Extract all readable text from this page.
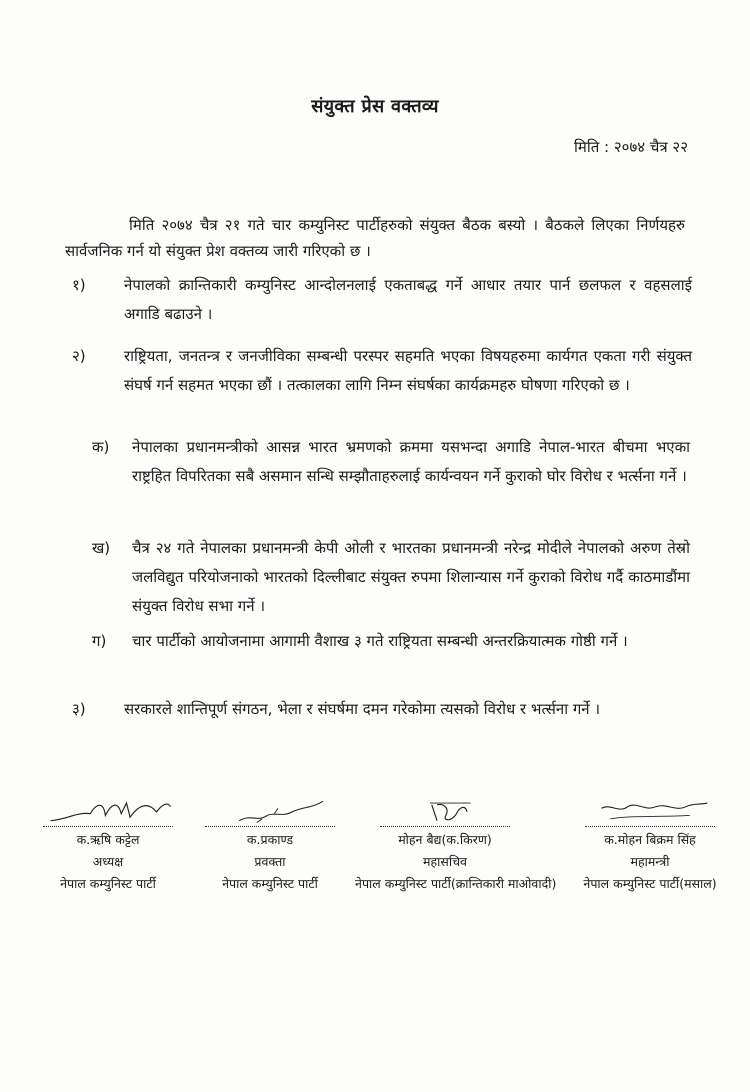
संयुक्त प्रेस वक्तव्य
मिति : २०७४ चैत्र २२
मिति २०७४ चैत्र २१ गते चार कम्युनिस्ट पार्टीहरुको संयुक्त बैठक बस्यो । बैठकले लिएका निर्णयहरु सार्वजनिक गर्न यो संयुक्त प्रेश वक्तव्य जारी गरिएको छ ।
१)	नेपालको क्रान्तिकारी कम्युनिस्ट आन्दोलनलाई एकताबद्ध गर्ने आधार तयार पार्न छलफल र वहसलाई अगाडि बढाउने ।
२)	राष्ट्रियता, जनतन्त्र र जनजीविका सम्बन्धी परस्पर सहमति भएका विषयहरुमा कार्यगत एकता गरी संयुक्त संघर्ष गर्न सहमत भएका छौं । तत्कालका लागि निम्न संघर्षका कार्यक्रमहरु घोषणा गरिएको छ ।
क)	नेपालका प्रधानमन्त्रीको आसन्न भारत भ्रमणको क्रममा यसभन्दा अगाडि नेपाल-भारत बीचमा भएका राष्ट्रहित विपरितका सबै असमान सन्धि सम्झौताहरुलाई कार्यन्वयन गर्ने कुराको घोर विरोध र भर्त्सना गर्ने ।
ख)	चैत्र २४ गते नेपालका प्रधानमन्त्री केपी ओली र भारतका प्रधानमन्त्री नरेन्द्र मोदीले नेपालको अरुण तेस्रो जलविद्युत परियोजनाको भारतको दिल्लीबाट संयुक्त रुपमा शिलान्यास गर्ने कुराको विरोध गर्दै काठमाडौंमा संयुक्त विरोध सभा गर्ने ।
ग)	चार पार्टीको आयोजनामा आगामी वैशाख ३ गते राष्ट्रियता सम्बन्धी अन्तरक्रियात्मक गोष्ठी गर्ने ।
३)	सरकारले शान्तिपूर्ण संगठन, भेला र संघर्षमा दमन गरेकोमा त्यसको विरोध र भर्त्सना गर्ने ।
क.ऋषि कट्टेल
अध्यक्ष
नेपाल कम्युनिस्ट पार्टी
क.प्रकाण्ड
प्रवक्ता
नेपाल कम्युनिस्ट पार्टी
मोहन बैद्य(क.किरण)
महासचिव
नेपाल कम्युनिस्ट पार्टी(क्रान्तिकारी माओवादी)
क.मोहन बिक्रम सिंह
महामन्त्री
नेपाल कम्युनिस्ट पार्टी(मसाल)
